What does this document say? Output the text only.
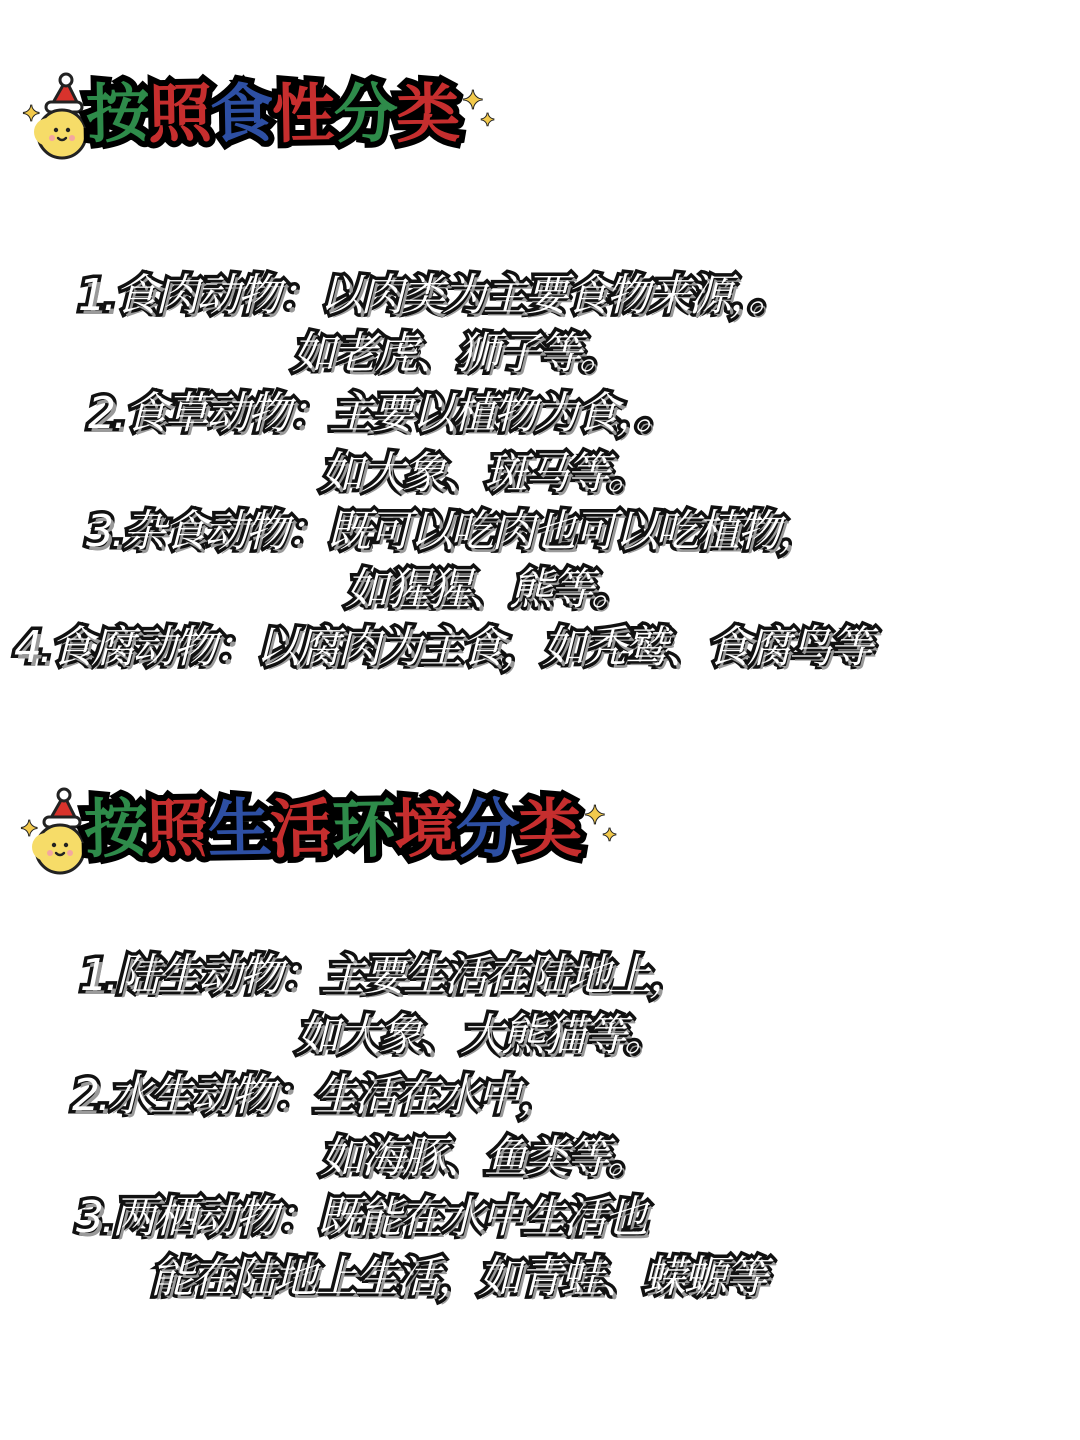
✦ 按
照
食
性
分
类 ✦
✦
1.食肉动物：以肉类为主要食物来源，。
如老虎、狮子等。
2.食草动物：主要以植物为食，。
如大象、斑马等。
3.杂食动物：既可以吃肉也可以吃植物，
如猩猩、熊等。
4.食腐动物：以腐肉为主食，如秃鹫、食腐鸟等
✦ 按
照
生
活
环
境
分
类 ✦
✦
1.陆生动物：主要生活在陆地上，
如大象、大熊猫等。
2.水生动物：生活在水中，
如海豚、鱼类等。
3.两栖动物：既能在水中生活也
能在陆地上生活，如青蛙、蝾螈等
